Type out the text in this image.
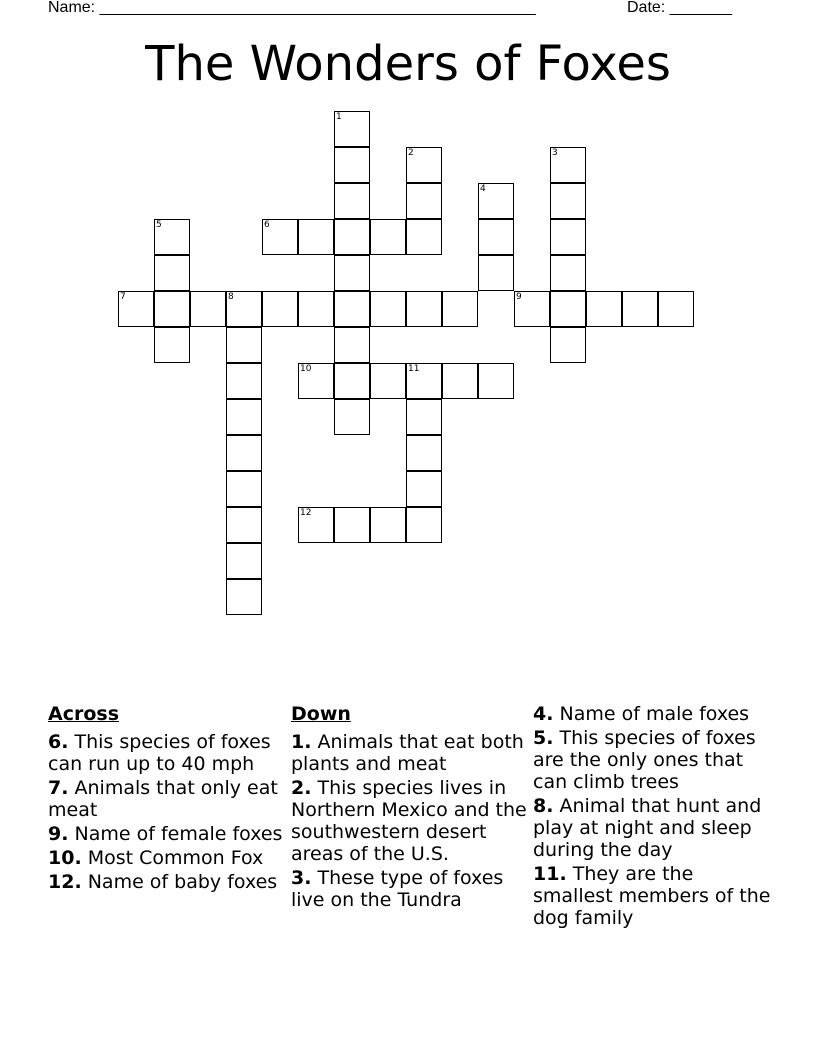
Name: _________________________________________________	Date: _______
The Wonders of Foxes
1
2	3
4
5	6
7	8	9
10	11
12
Across
6. This species of foxes can run up to 40 mph
7. Animals that only eat meat
9. Name of female foxes
10. Most Common Fox
12. Name of baby foxes
Down
1. Animals that eat both plants and meat
2. This species lives in Northern Mexico and the southwestern desert areas of the U.S.
3. These type of foxes live on the Tundra
4. Name of male foxes
5. This species of foxes are the only ones that can climb trees
8. Animal that hunt and play at night and sleep during the day
11. They are the smallest members of the dog family
